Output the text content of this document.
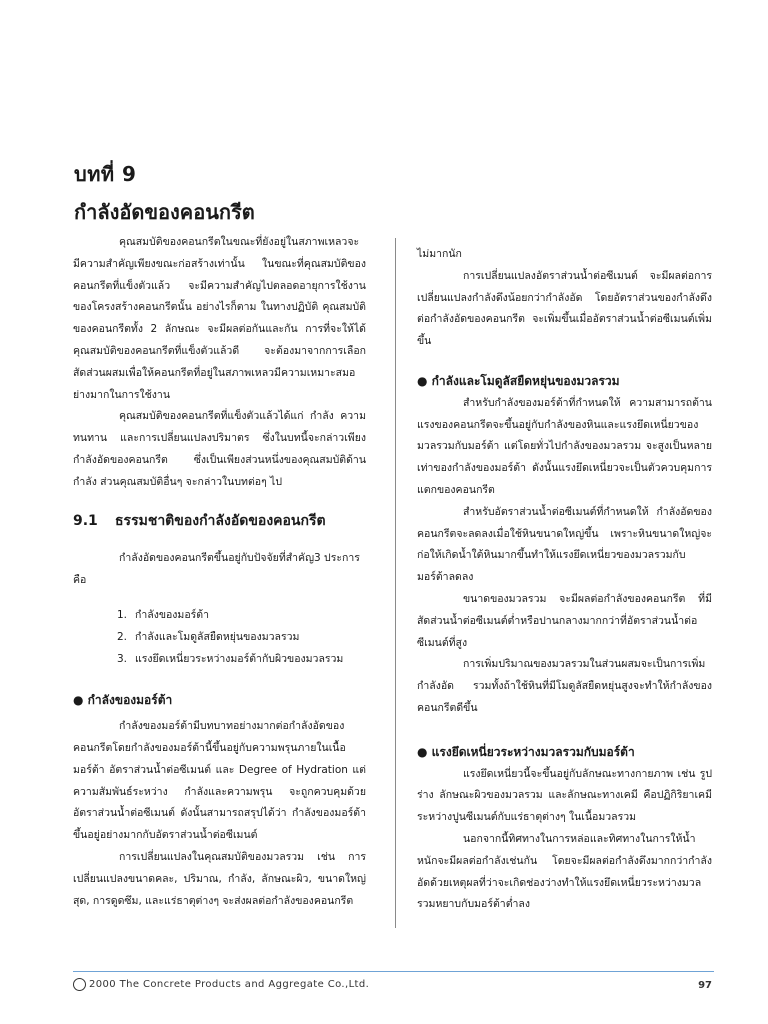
บทที่ 9
กำลังอัดของคอนกรีต

คุณสมบัติของคอนกรีตในขณะที่ยังอยู่ในสภาพเหลวจะมีความสำคัญเพียงขณะก่อสร้างเท่านั้น ในขณะที่คุณสมบัติของคอนกรีตที่แข็งตัวแล้ว จะมีความสำคัญไปตลอดอายุการใช้งานของโครงสร้างคอนกรีตนั้น อย่างไรก็ตาม ในทางปฏิบัติ คุณสมบัติของคอนกรีตทั้ง 2 ลักษณะ จะมีผลต่อกันและกัน การที่จะให้ได้คุณสมบัติของคอนกรีตที่แข็งตัวแล้วดี จะต้องมาจากการเลือกสัดส่วนผสมเพื่อให้คอนกรีตที่อยู่ในสภาพเหลวมีความเหมาะสมอย่างมากในการใช้งาน

คุณสมบัติของคอนกรีตที่แข็งตัวแล้วได้แก่ กำลัง ความทนทาน และการเปลี่ยนแปลงปริมาตร ซึ่งในบทนี้จะกล่าวเพียงกำลังอัดของคอนกรีต ซึ่งเป็นเพียงส่วนหนึ่งของคุณสมบัติด้านกำลัง ส่วนคุณสมบัติอื่นๆ จะกล่าวในบทต่อๆ ไป

9.1	ธรรมชาติของกำลังอัดของคอนกรีต

กำลังอัดของคอนกรีตขึ้นอยู่กับปัจจัยที่สำคัญ3 ประการ

คือ

1. กำลังของมอร์ต้า
2. กำลังและโมดูลัสยืดหยุ่นของมวลรวม
3. แรงยึดเหนี่ยวระหว่างมอร์ต้ากับผิวของมวลรวม
● กำลังของมอร์ต้า

กำลังของมอร์ต้ามีบทบาทอย่างมากต่อกำลังอัดของคอนกรีตโดยกำลังของมอร์ต้านี้ขึ้นอยู่กับความพรุนภายในเนื้อมอร์ต้า อัตราส่วนน้ำต่อซีเมนต์ และ Degree of Hydration แต่ความสัมพันธ์ระหว่าง กำลังและความพรุน จะถูกควบคุมด้วยอัตราส่วนน้ำต่อซีเมนต์ ดังนั้นสามารถสรุปได้ว่า กำลังของมอร์ต้าขึ้นอยู่อย่างมากกับอัตราส่วนน้ำต่อซีเมนต์

การเปลี่ยนแปลงในคุณสมบัติของมวลรวม เช่น การเปลี่ยนแปลงขนาดคละ, ปริมาณ, กำลัง, ลักษณะผิว, ขนาดใหญ่สุด, การดูดซึม, และแร่ธาตุต่างๆ จะส่งผลต่อกำลังของคอนกรีต

ไม่มากนัก

การเปลี่ยนแปลงอัตราส่วนน้ำต่อซีเมนต์ จะมีผลต่อการเปลี่ยนแปลงกำลังดึงน้อยกว่ากำลังอัด โดยอัตราส่วนของกำลังดึงต่อกำลังอัดของคอนกรีต จะเพิ่มขึ้นเมื่ออัตราส่วนน้ำต่อซีเมนต์เพิ่มขึ้น

● กำลังและโมดูลัสยืดหยุ่นของมวลรวม

สำหรับกำลังของมอร์ต้าที่กำหนดให้ ความสามารถต้านแรงของคอนกรีตจะขึ้นอยู่กับกำลังของหินและแรงยึดเหนี่ยวของมวลรวมกับมอร์ต้า แต่โดยทั่วไปกำลังของมวลรวม จะสูงเป็นหลายเท่าของกำลังของมอร์ต้า ดังนั้นแรงยึดเหนี่ยวจะเป็นตัวควบคุมการแตกของคอนกรีต

สำหรับอัตราส่วนน้ำต่อซีเมนต์ที่กำหนดให้ กำลังอัดของคอนกรีตจะลดลงเมื่อใช้หินขนาดใหญ่ขึ้น เพราะหินขนาดใหญ่จะก่อให้เกิดน้ำใต้หินมากขึ้นทำให้แรงยึดเหนี่ยวของมวลรวมกับมอร์ต้าลดลง

ขนาดของมวลรวม จะมีผลต่อกำลังของคอนกรีต ที่มีสัดส่วนน้ำต่อซีเมนต์ต่ำหรือปานกลางมากกว่าที่อัตราส่วนน้ำต่อซีเมนต์ที่สูง

การเพิ่มปริมาณของมวลรวมในส่วนผสมจะเป็นการเพิ่มกำลังอัด รวมทั้งถ้าใช้หินที่มีโมดูลัสยืดหยุ่นสูงจะทำให้กำลังของคอนกรีตดีขึ้น

● แรงยึดเหนี่ยวระหว่างมวลรวมกับมอร์ต้า

แรงยึดเหนี่ยวนี้จะขึ้นอยู่กับลักษณะทางกายภาพ เช่น รูปร่าง ลักษณะผิวของมวลรวม และลักษณะทางเคมี คือปฏิกิริยาเคมีระหว่างปูนซีเมนต์กับแร่ธาตุต่างๆ ในเนื้อมวลรวม

นอกจากนี้ทิศทางในการหล่อและทิศทางในการให้น้ำหนักจะมีผลต่อกำลังเช่นกัน โดยจะมีผลต่อกำลังดึงมากกว่ากำลังอัดด้วยเหตุผลที่ว่าจะเกิดช่องว่างทำให้แรงยึดเหนี่ยวระหว่างมวลรวมหยาบกับมอร์ต้าต่ำลง

2000 The Concrete Products and Aggregate Co.,Ltd.	97
